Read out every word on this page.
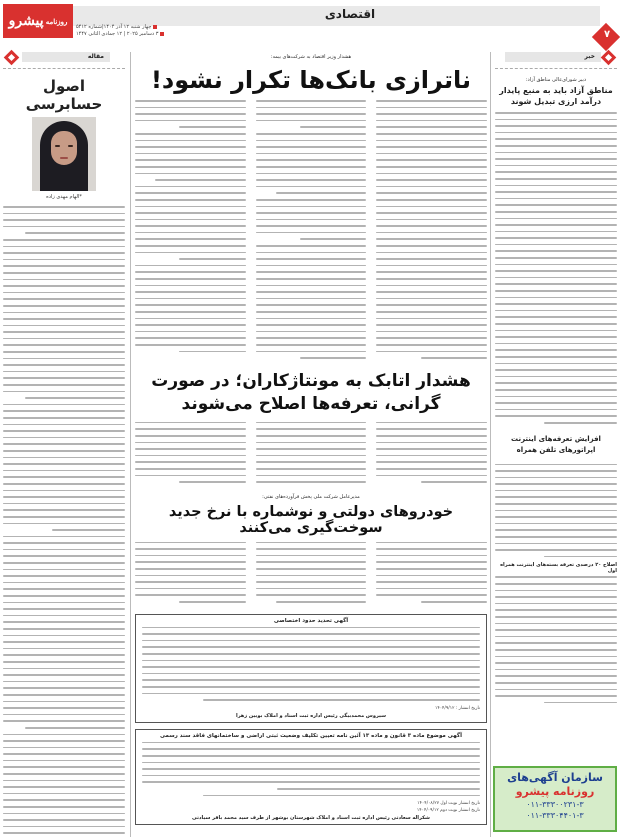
اقتصادی
روزنامه
پیشرو	چهار شنبه ۱۲ آذر ۱۴۰۴|شماره ۵۴۱۲
۳ دسامبر ۲۰۲۵ | ۱۲ جمادی الثانی ۱۴۴۷	۷
مقاله	خبر
اصول حسابرسی
*الهام مهدی زاده
هشدار وزیر اقتصاد به شرکت‌های بیمه:
ناترازی بانک‌ها تکرار نشود!
هشدار اتابک به مونتاژکاران؛ در صورت گرانی، تعرفه‌ها اصلاح می‌شوند
مدیرعامل شرکت ملی پخش فرآورده‌های نفتی:
خودروهای دولتی و نوشماره با نرخ جدید سوخت‌گیری می‌کنند
آگهی تحدید حدود اختصاصی
تاریخ انتشار : ۱۴۰۴/۹/۱۲
سیروس محمدبیگی رئیس اداره ثبت اسناد و املاک بویین زهرا
آگهی موضوع ماده ۳ قانون و ماده ۱۳ آئین نامه تعیین تکلیف وضعیت ثبتی اراضی و ساختمانهای فاقد سند رسمی
تاریخ انتشار نوبت اول ۱۴۰۴/۰۸/۲۷
تاریخ انتشار نوبت دوم ۱۴۰۴/۰۹/۱۲
شکراله سعادتی رئیس اداره ثبت اسناد و املاک شهرستان بوشهر از طرف سید محمد باقر سیادتی
دبیر شورای‌عالی مناطق آزاد:
مناطق آزاد باید به منبع پایدار درآمد ارزی تبدیل شوند
افزایش تعرفه‌های اینترنت اپراتورهای تلفن همراه
اصلاح ۲۰ درصدی تعرفه بسته‌های اینترنت همراه اول
سازمان آگهی‌های
روزنامه پیشرو
۰۱۱-۳۳۳۰۰۲۳۱-۳
۰۱۱-۳۳۳۰۴۴۰۱-۳
